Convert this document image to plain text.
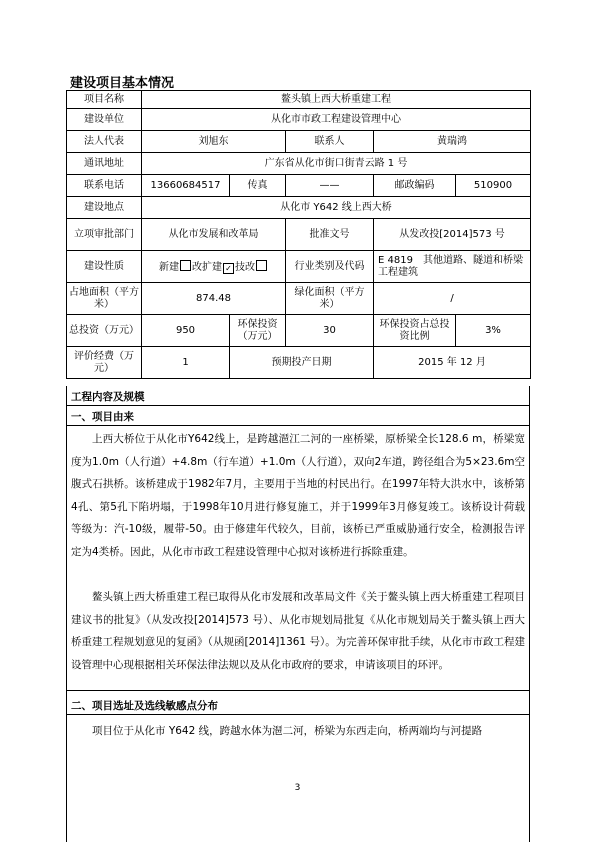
建设项目基本情况
项目名称	鳌头镇上西大桥重建工程				
建设单位	从化市市政工程建设管理中心				
法人代表	刘旭东		联系人	黄瑞鸿	
通讯地址	广东省从化市街口街青云路 1 号				
联系电话	13660684517	传真	——	邮政编码	510900
建设地点	从化市 Y642 线上西大桥				
立项审批部门	从化市发展和改革局		批准文号	从发改投[2014]573 号	
建设性质	新建 改扩建 ✓ 技改		行业类别及代码	E 4819　其他道路、隧道和桥梁工程建筑	
占地面积（平方米）	874.48		绿化面积（平方米）	/	
总投资（万元）	950	环保投资（万元）	30	环保投资占总投资比例	3%
评价经费（万元）	1	预期投产日期		2015 年 12 月	
工程内容及规模
一、项目由来
上西大桥位于从化市Y642线上，是跨越潖江二河的一座桥梁，原桥梁全长128.6 m，桥梁宽度为1.0m（人行道）+4.8m（行车道）+1.0m（人行道），双向2车道，跨径组合为5×23.6m空腹式石拱桥。该桥建成于1982年7月，主要用于当地的村民出行。在1997年特大洪水中，该桥第4孔、第5孔下陷坍塌，于1998年10月进行修复施工，并于1999年3月修复竣工。该桥设计荷载等级为：汽-10级，履带-50。由于修建年代较久，目前，该桥已严重威胁通行安全，检测报告评定为4类桥。因此，从化市市政工程建设管理中心拟对该桥进行拆除重建。
鳌头镇上西大桥重建工程已取得从化市发展和改革局文件《关于鳌头镇上西大桥重建工程项目建议书的批复》（从发改投[2014]573 号）、从化市规划局批复《从化市规划局关于鳌头镇上西大桥重建工程规划意见的复函》（从规函[2014]1361 号）。为完善环保审批手续，从化市市政工程建设管理中心现根据相关环保法律法规以及从化市政府的要求，申请该项目的环评。
二、项目选址及选线敏感点分布
项目位于从化市 Y642 线，跨越水体为潖二河，桥梁为东西走向，桥两端均与河提路
3
